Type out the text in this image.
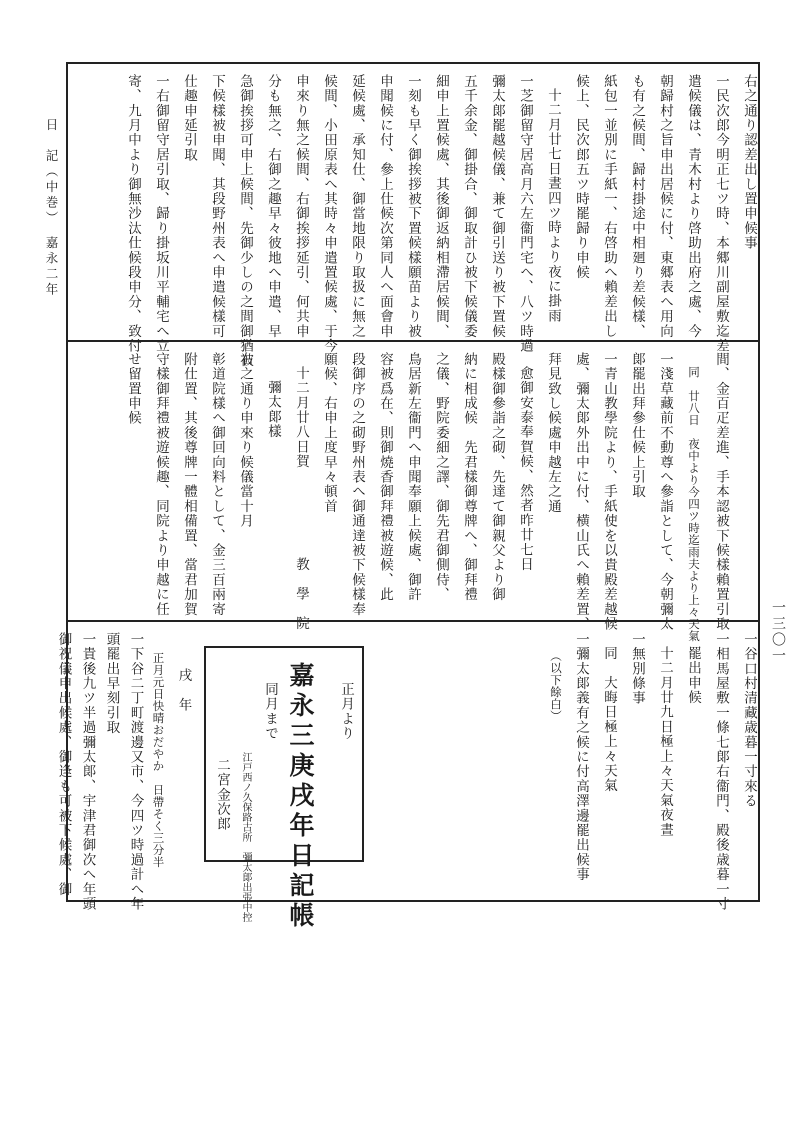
日　記（中巻）　嘉永二年
一三〇一
右之通り認差出し置申候事
一民次郎今明正七ツ時、本郷川副屋敷迄差
遣候儀は、青木村より啓助出府之處、今
朝歸村之旨申出居候に付、東郷表へ用向
も有之候間、歸村掛途中相廻り差候樣、
紙包一並別に手紙一、右啓助へ賴差出し
候上、民次郎五ツ時罷歸り申候
十二月廿七日晝四ツ時より夜に掛雨
一芝御留守居高月六左衞門宅へ、八ツ時過
彌太郞罷越候儀、兼て御引送り被下置候
五千余金、御掛合、御取計ひ被下候儀委
細申上置候處、其後御返納相滯居候間、
一刻も早く御挨拶被下置候樣願苗より被
申聞候に付、參上仕候次第同人へ面會申
延候處、承知仕、御當地限り取扱に無之
候間、小田原表へ其時々申遣置候處、于今
申來り無之候間、右御挨拶延引、何共申
分も無之、右御之趣早々彼地へ申遣、早
急御挨拶可申上候間、先御少しの之間御猶被
下候樣被申聞、其段野州表へ申遣候樣可
仕趣申延引取
一右御留守居引取、歸り掛坂川平輔宅へ立
寄、九月中より御無沙汰仕候段申分、致付
間、金百疋差進、手本認被下候樣賴置引取
同　廿八日　夜中より今四ツ時迄雨夫より上々天氣
一淺草藏前不動尊へ參詣として、今朝彌太
郞罷出拜參仕候上引取
一青山教學院より、手紙使を以貴殿差越候
處、彌太郞外出中に付、横山氏へ賴差置、
拜見致し候處申越左之通
愈御安泰奉賀候、然者昨廿七日
殿樣御參詣之砌、先達て御親父より御
納に相成候　先君樣御尊牌へ、御拜禮
之儀、野院委細之譯、御先君御側侍、
鳥居新左衞門へ申聞奉願上候處、御許
容被爲在、則御燒香御拜禮被遊候、此
段御序の之砌野州表へ御通達被下候樣奉
願候、右申上度早々頓首
十二月廿八日賀　　　　　　教　學　院
彌太郞樣
右之通り申來り候儀當十月
彰道院樣へ御回向料として、金三百兩寄
附仕置、其後尊牌一體相備置、當君加賀
守樣御拜禮被遊候趣、同院より申越に任
せ留置申候
一谷口村清藏歳暮一寸來る
一相馬屋敷一條七郞右衞門、殿後歳暮一寸
罷出申候
十二月廿九日極上々天氣夜晝
一無別條事
同　大晦日極上々天氣
一彌太郞義有之候に付高澤邊罷出候事
（以下餘白）
正月より
嘉永三庚戌年日記帳
同月まで
江戸西ノ久保路古所　彌太郞出張中控
二宮金次郎
戌　年
正月元日快晴おだやか　日帶そく三分半
一下谷二丁町渡邊又市、今四ツ時過計へ年
頭罷出早刻引取
一貴後九ツ半過彌太郞、宇津君御次へ年頭
御祝儀申出候處、御逢も可被下候處、御
